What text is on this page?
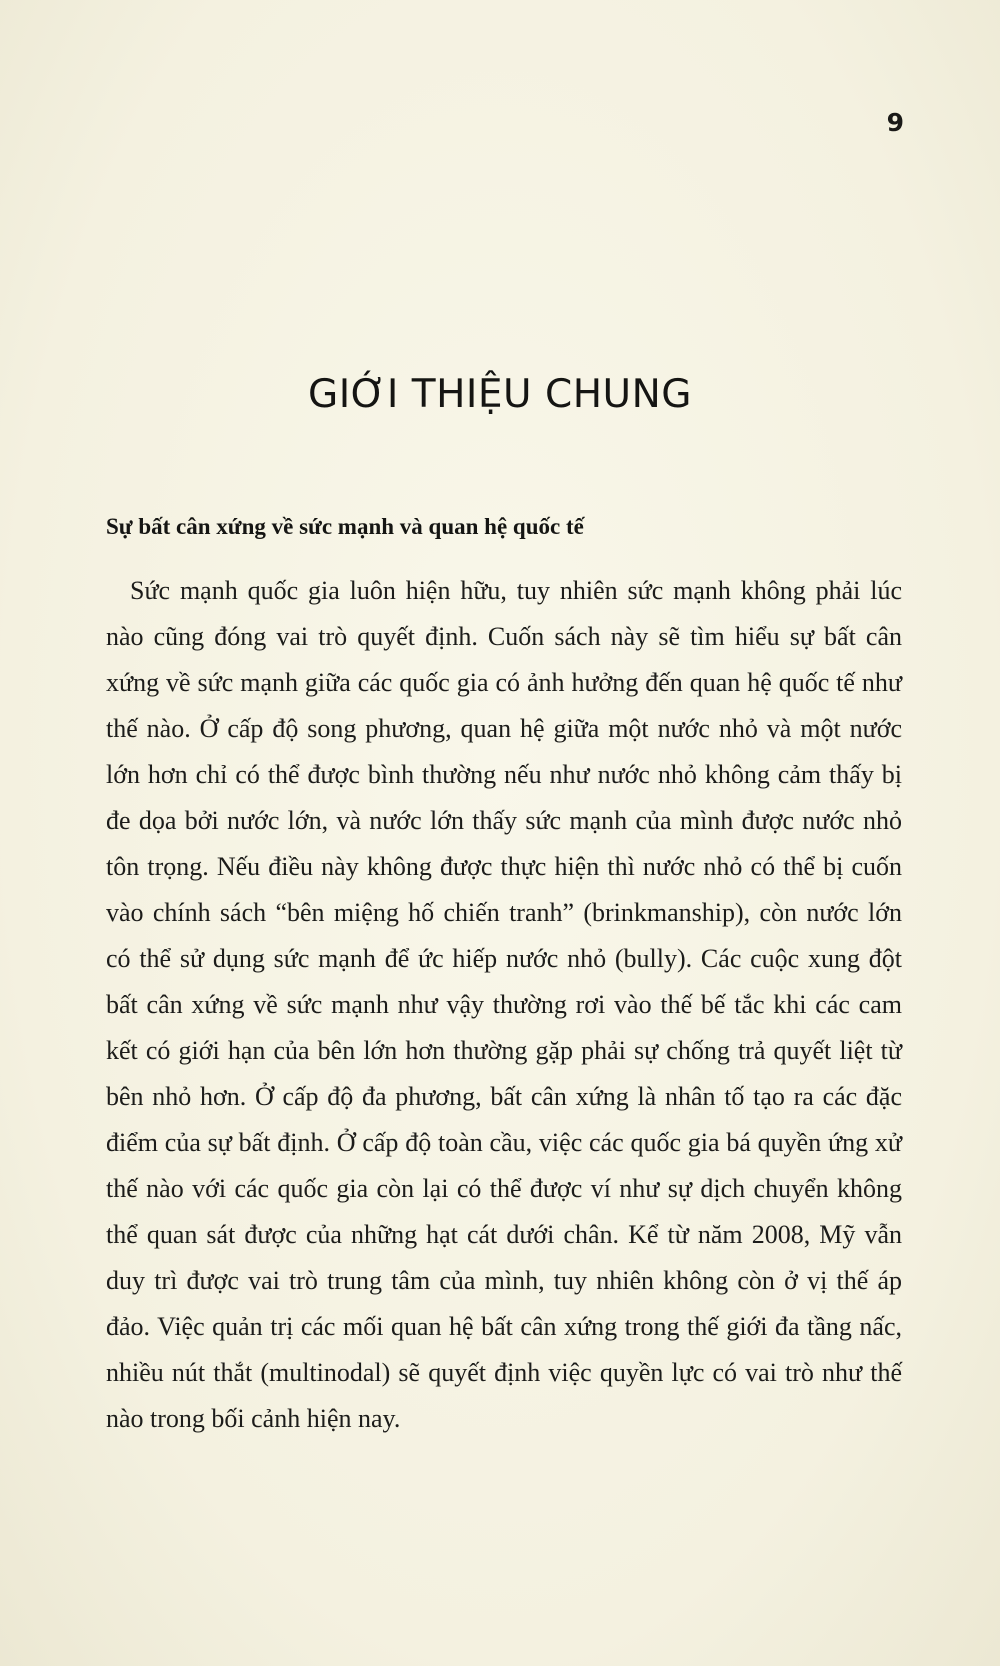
9
GIỚI THIỆU CHUNG
Sự bất cân xứng về sức mạnh và quan hệ quốc tế

Sức mạnh quốc gia luôn hiện hữu, tuy nhiên sức mạnh không phải lúc nào cũng đóng vai trò quyết định. Cuốn sách này sẽ tìm hiểu sự bất cân xứng về sức mạnh giữa các quốc gia có ảnh hưởng đến quan hệ quốc tế như thế nào. Ở cấp độ song phương, quan hệ giữa một nước nhỏ và một nước lớn hơn chỉ có thể được bình thường nếu như nước nhỏ không cảm thấy bị đe dọa bởi nước lớn, và nước lớn thấy sức mạnh của mình được nước nhỏ tôn trọng. Nếu điều này không được thực hiện thì nước nhỏ có thể bị cuốn vào chính sách “bên miệng hố chiến tranh” (brinkmanship), còn nước lớn có thể sử dụng sức mạnh để ức hiếp nước nhỏ (bully). Các cuộc xung đột bất cân xứng về sức mạnh như vậy thường rơi vào thế bế tắc khi các cam kết có giới hạn của bên lớn hơn thường gặp phải sự chống trả quyết liệt từ bên nhỏ hơn. Ở cấp độ đa phương, bất cân xứng là nhân tố tạo ra các đặc điểm của sự bất định. Ở cấp độ toàn cầu, việc các quốc gia bá quyền ứng xử thế nào với các quốc gia còn lại có thể được ví như sự dịch chuyển không thể quan sát được của những hạt cát dưới chân. Kể từ năm 2008, Mỹ vẫn duy trì được vai trò trung tâm của mình, tuy nhiên không còn ở vị thế áp đảo. Việc quản trị các mối quan hệ bất cân xứng trong thế giới đa tầng nấc, nhiều nút thắt (multinodal) sẽ quyết định việc quyền lực có vai trò như thế nào trong bối cảnh hiện nay.
